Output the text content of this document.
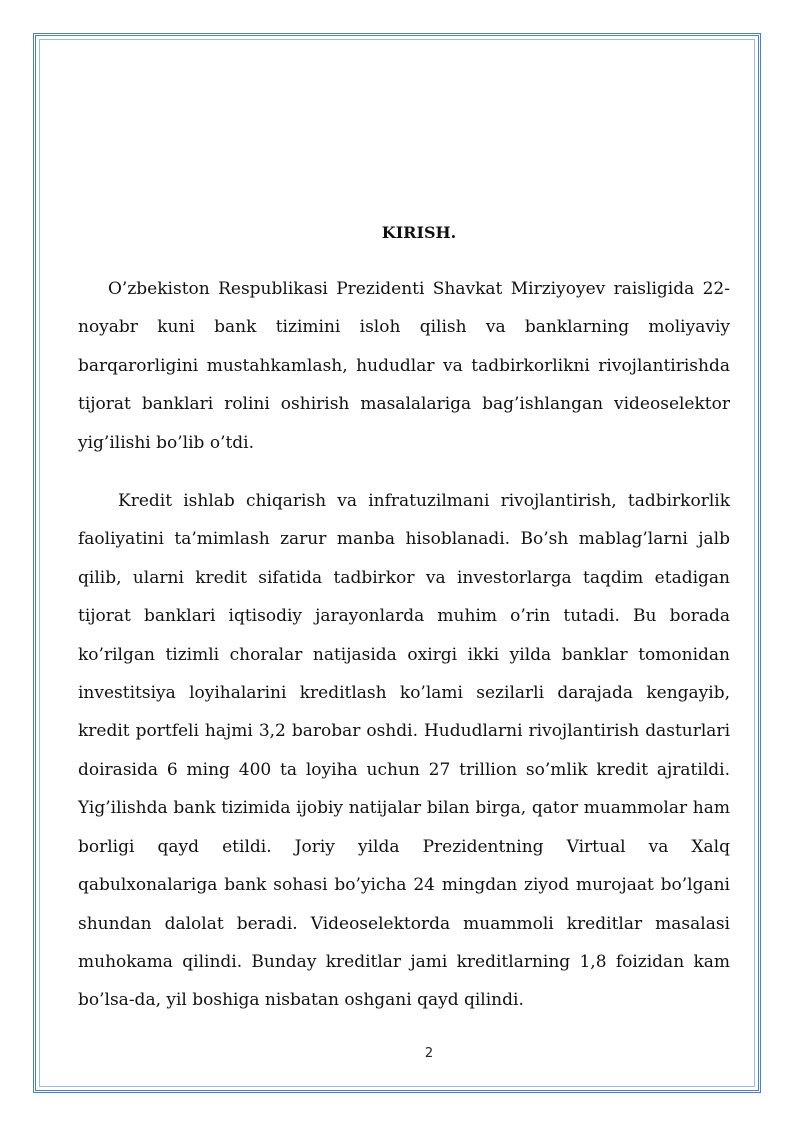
KIRISH.

O’zbekiston Respublikasi Prezidenti Shavkat Mirziyoyev raisligida 22-noyabr kuni bank tizimini isloh qilish va banklarning moliyaviy barqarorligini mustahkamlash, hududlar va tadbirkorlikni rivojlantirishda tijorat banklari rolini oshirish masalalariga bag’ishlangan videoselektor yig’ilishi bo’lib o’tdi.

Kredit ishlab chiqarish va infratuzilmani rivojlantirish, tadbirkorlik faoliyatini ta’mimlash zarur manba hisoblanadi. Bo’sh mablag’larni jalb qilib, ularni kredit sifatida tadbirkor va investorlarga taqdim etadigan tijorat banklari iqtisodiy jarayonlarda muhim o’rin tutadi. Bu borada ko’rilgan tizimli choralar natijasida oxirgi ikki yilda banklar tomonidan investitsiya loyihalarini kreditlash ko’lami sezilarli darajada kengayib, kredit portfeli hajmi 3,2 barobar oshdi. Hududlarni rivojlantirish dasturlari doirasida 6 ming 400 ta loyiha uchun 27 trillion so’mlik kredit ajratildi. Yig’ilishda bank tizimida ijobiy natijalar bilan birga, qator muammolar ham borligi qayd etildi. Joriy yilda Prezidentning Virtual va Xalq qabulxonalariga bank sohasi bo’yicha 24 mingdan ziyod murojaat bo’lgani shundan dalolat beradi. Videoselektorda muammoli kreditlar masalasi muhokama qilindi. Bunday kreditlar jami kreditlarning 1,8 foizidan kam bo’lsa-da, yil boshiga nisbatan oshgani qayd qilindi.

2
